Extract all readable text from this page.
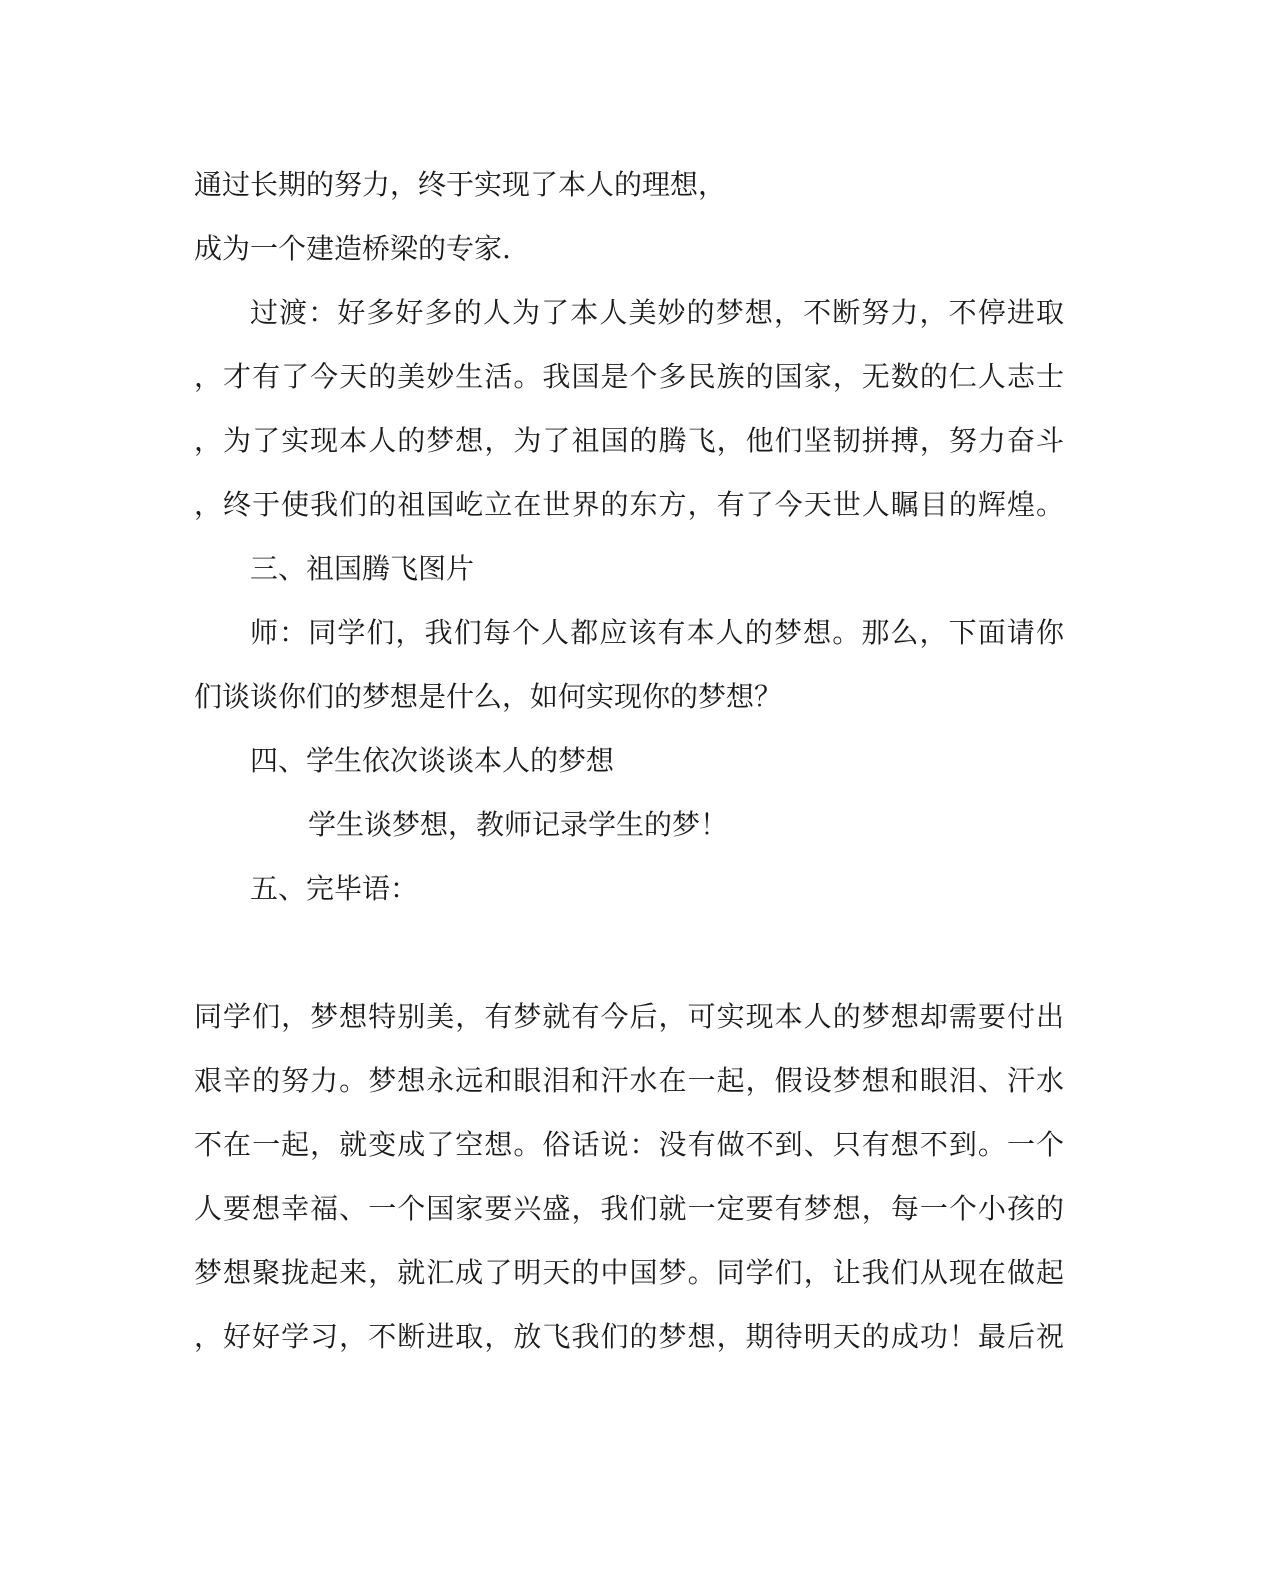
通过长期的努力，终于实现了本人的理想，
成为一个建造桥梁的专家.
过渡：好多好多的人为了本人美妙的梦想，不断努力，不停进取
，才有了今天的美妙生活。我国是个多民族的国家，无数的仁人志士
，为了实现本人的梦想，为了祖国的腾飞，他们坚韧拼搏，努力奋斗
，终于使我们的祖国屹立在世界的东方，有了今天世人瞩目的辉煌。
三、祖国腾飞图片
师：同学们，我们每个人都应该有本人的梦想。那么，下面请你
们谈谈你们的梦想是什么，如何实现你的梦想？
四、学生依次谈谈本人的梦想
学生谈梦想，教师记录学生的梦！
五、完毕语：
同学们，梦想特别美，有梦就有今后，可实现本人的梦想却需要付出
艰辛的努力。梦想永远和眼泪和汗水在一起，假设梦想和眼泪、汗水
不在一起，就变成了空想。俗话说：没有做不到、只有想不到。一个
人要想幸福、一个国家要兴盛，我们就一定要有梦想，每一个小孩的
梦想聚拢起来，就汇成了明天的中国梦。同学们，让我们从现在做起
，好好学习，不断进取，放飞我们的梦想，期待明天的成功！最后祝
